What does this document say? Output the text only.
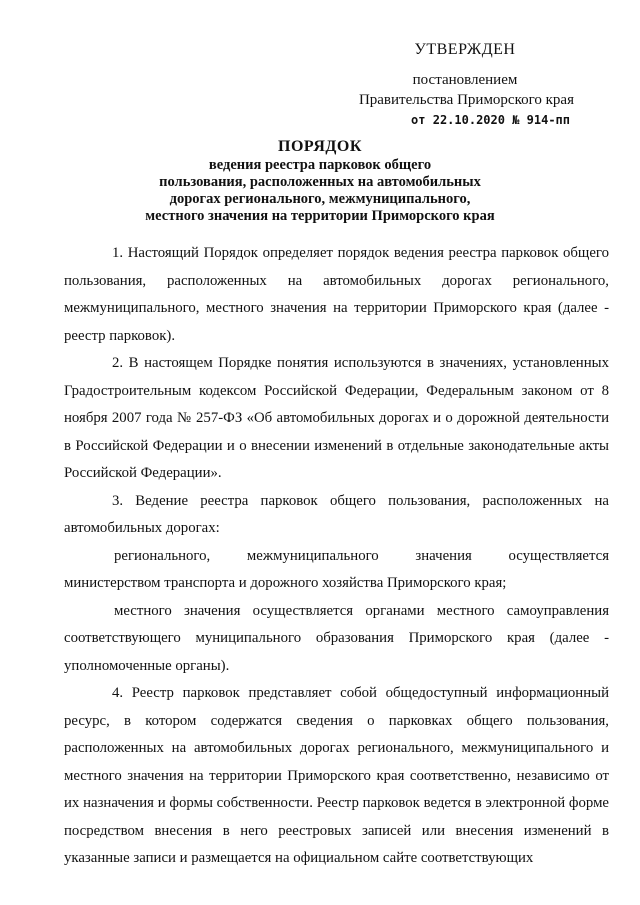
УТВЕРЖДЕН
постановлением
Правительства Приморского края
от 22.10.2020 № 914-пп
ПОРЯДОК
ведения реестра парковок общего
пользования, расположенных на автомобильных
дорогах регионального, межмуниципального,
местного значения на территории Приморского края

1. Настоящий Порядок определяет порядок ведения реестра парковок общего пользования, расположенных на автомобильных дорогах регионального, межмуниципального, местного значения на территории Приморского края (далее - реестр парковок).

2. В настоящем Порядке понятия используются в значениях, установленных Градостроительным кодексом Российской Федерации, Федеральным законом от 8 ноября 2007 года № 257-ФЗ «Об автомобильных дорогах и о дорожной деятельности в Российской Федерации и о внесении изменений в отдельные законодательные акты Российской Федерации».

3. Ведение реестра парковок общего пользования, расположенных на автомобильных дорогах:

регионального, межмуниципального значения осуществляется министерством транспорта и дорожного хозяйства Приморского края;

местного значения осуществляется органами местного самоуправления соответствующего муниципального образования Приморского края (далее - уполномоченные органы).

4. Реестр парковок представляет собой общедоступный информационный ресурс, в котором содержатся сведения о парковках общего пользования, расположенных на автомобильных дорогах регионального, межмуниципального и местного значения на территории Приморского края соответственно, независимо от их назначения и формы собственности. Реестр парковок ведется в электронной форме посредством внесения в него реестровых записей или внесения изменений в указанные записи и размещается на официальном сайте соответствующих
